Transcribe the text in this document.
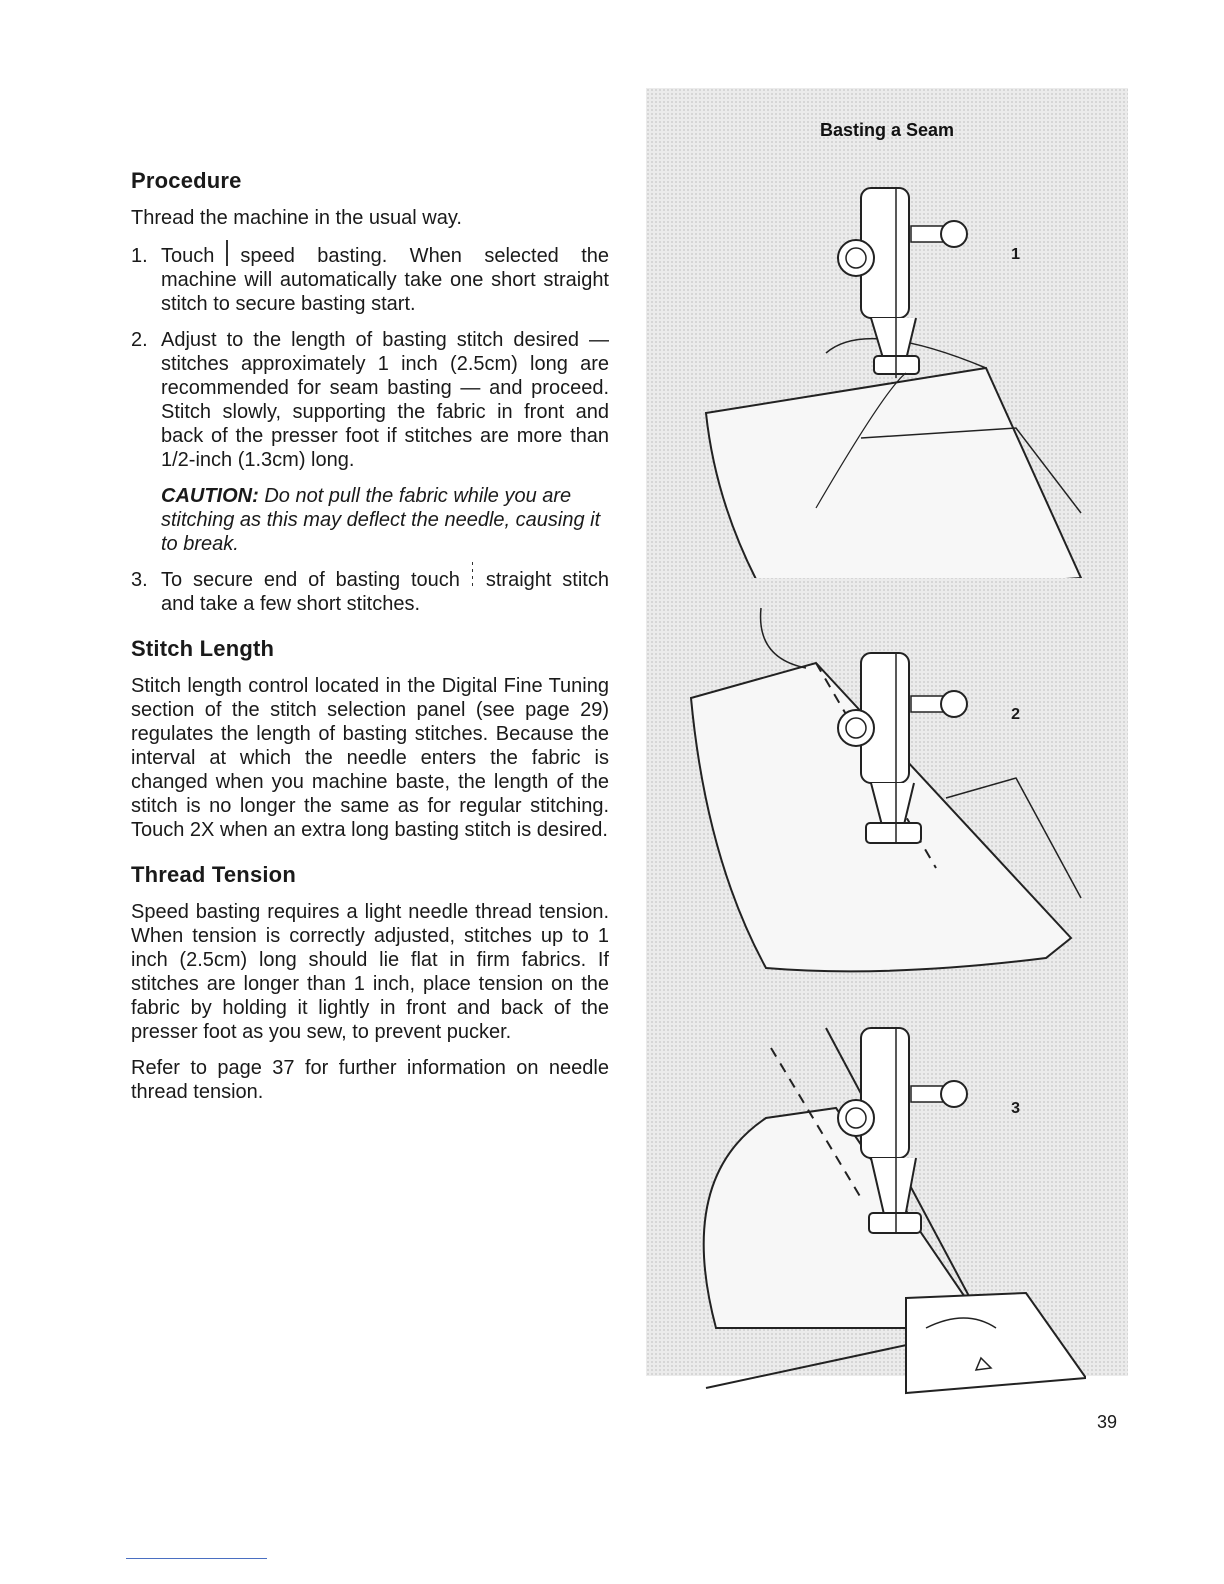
Procedure

Thread the machine in the usual way.

1. Touch speed basting. When selected the machine will automatically take one short straight stitch to secure basting start.
2. Adjust to the length of basting stitch desired — stitches approximately 1 inch (2.5cm) long are recommended for seam basting — and proceed. Stitch slowly, supporting the fabric in front and back of the presser foot if stitches are more than 1/2-inch (1.3cm) long.

CAUTION: Do not pull the fabric while you are stitching as this may deflect the needle, causing it to break.

3. To secure end of basting touch straight stitch and take a few short stitches.
Stitch Length

Stitch length control located in the Digital Fine Tuning section of the stitch selection panel (see page 29) regulates the length of basting stitches. Because the interval at which the needle enters the fabric is changed when you machine baste, the length of the stitch is no longer the same as for regular stitching. Touch 2X when an extra long basting stitch is desired.

Thread Tension

Speed basting requires a light needle thread tension. When tension is correctly adjusted, stitches up to 1 inch (2.5cm) long should lie flat in firm fabrics. If stitches are longer than 1 inch, place tension on the fabric by holding it lightly in front and back of the presser foot as you sew, to prevent pucker.

Refer to page 37 for further information on needle thread tension.

Basting a Seam
1
2
3
39
